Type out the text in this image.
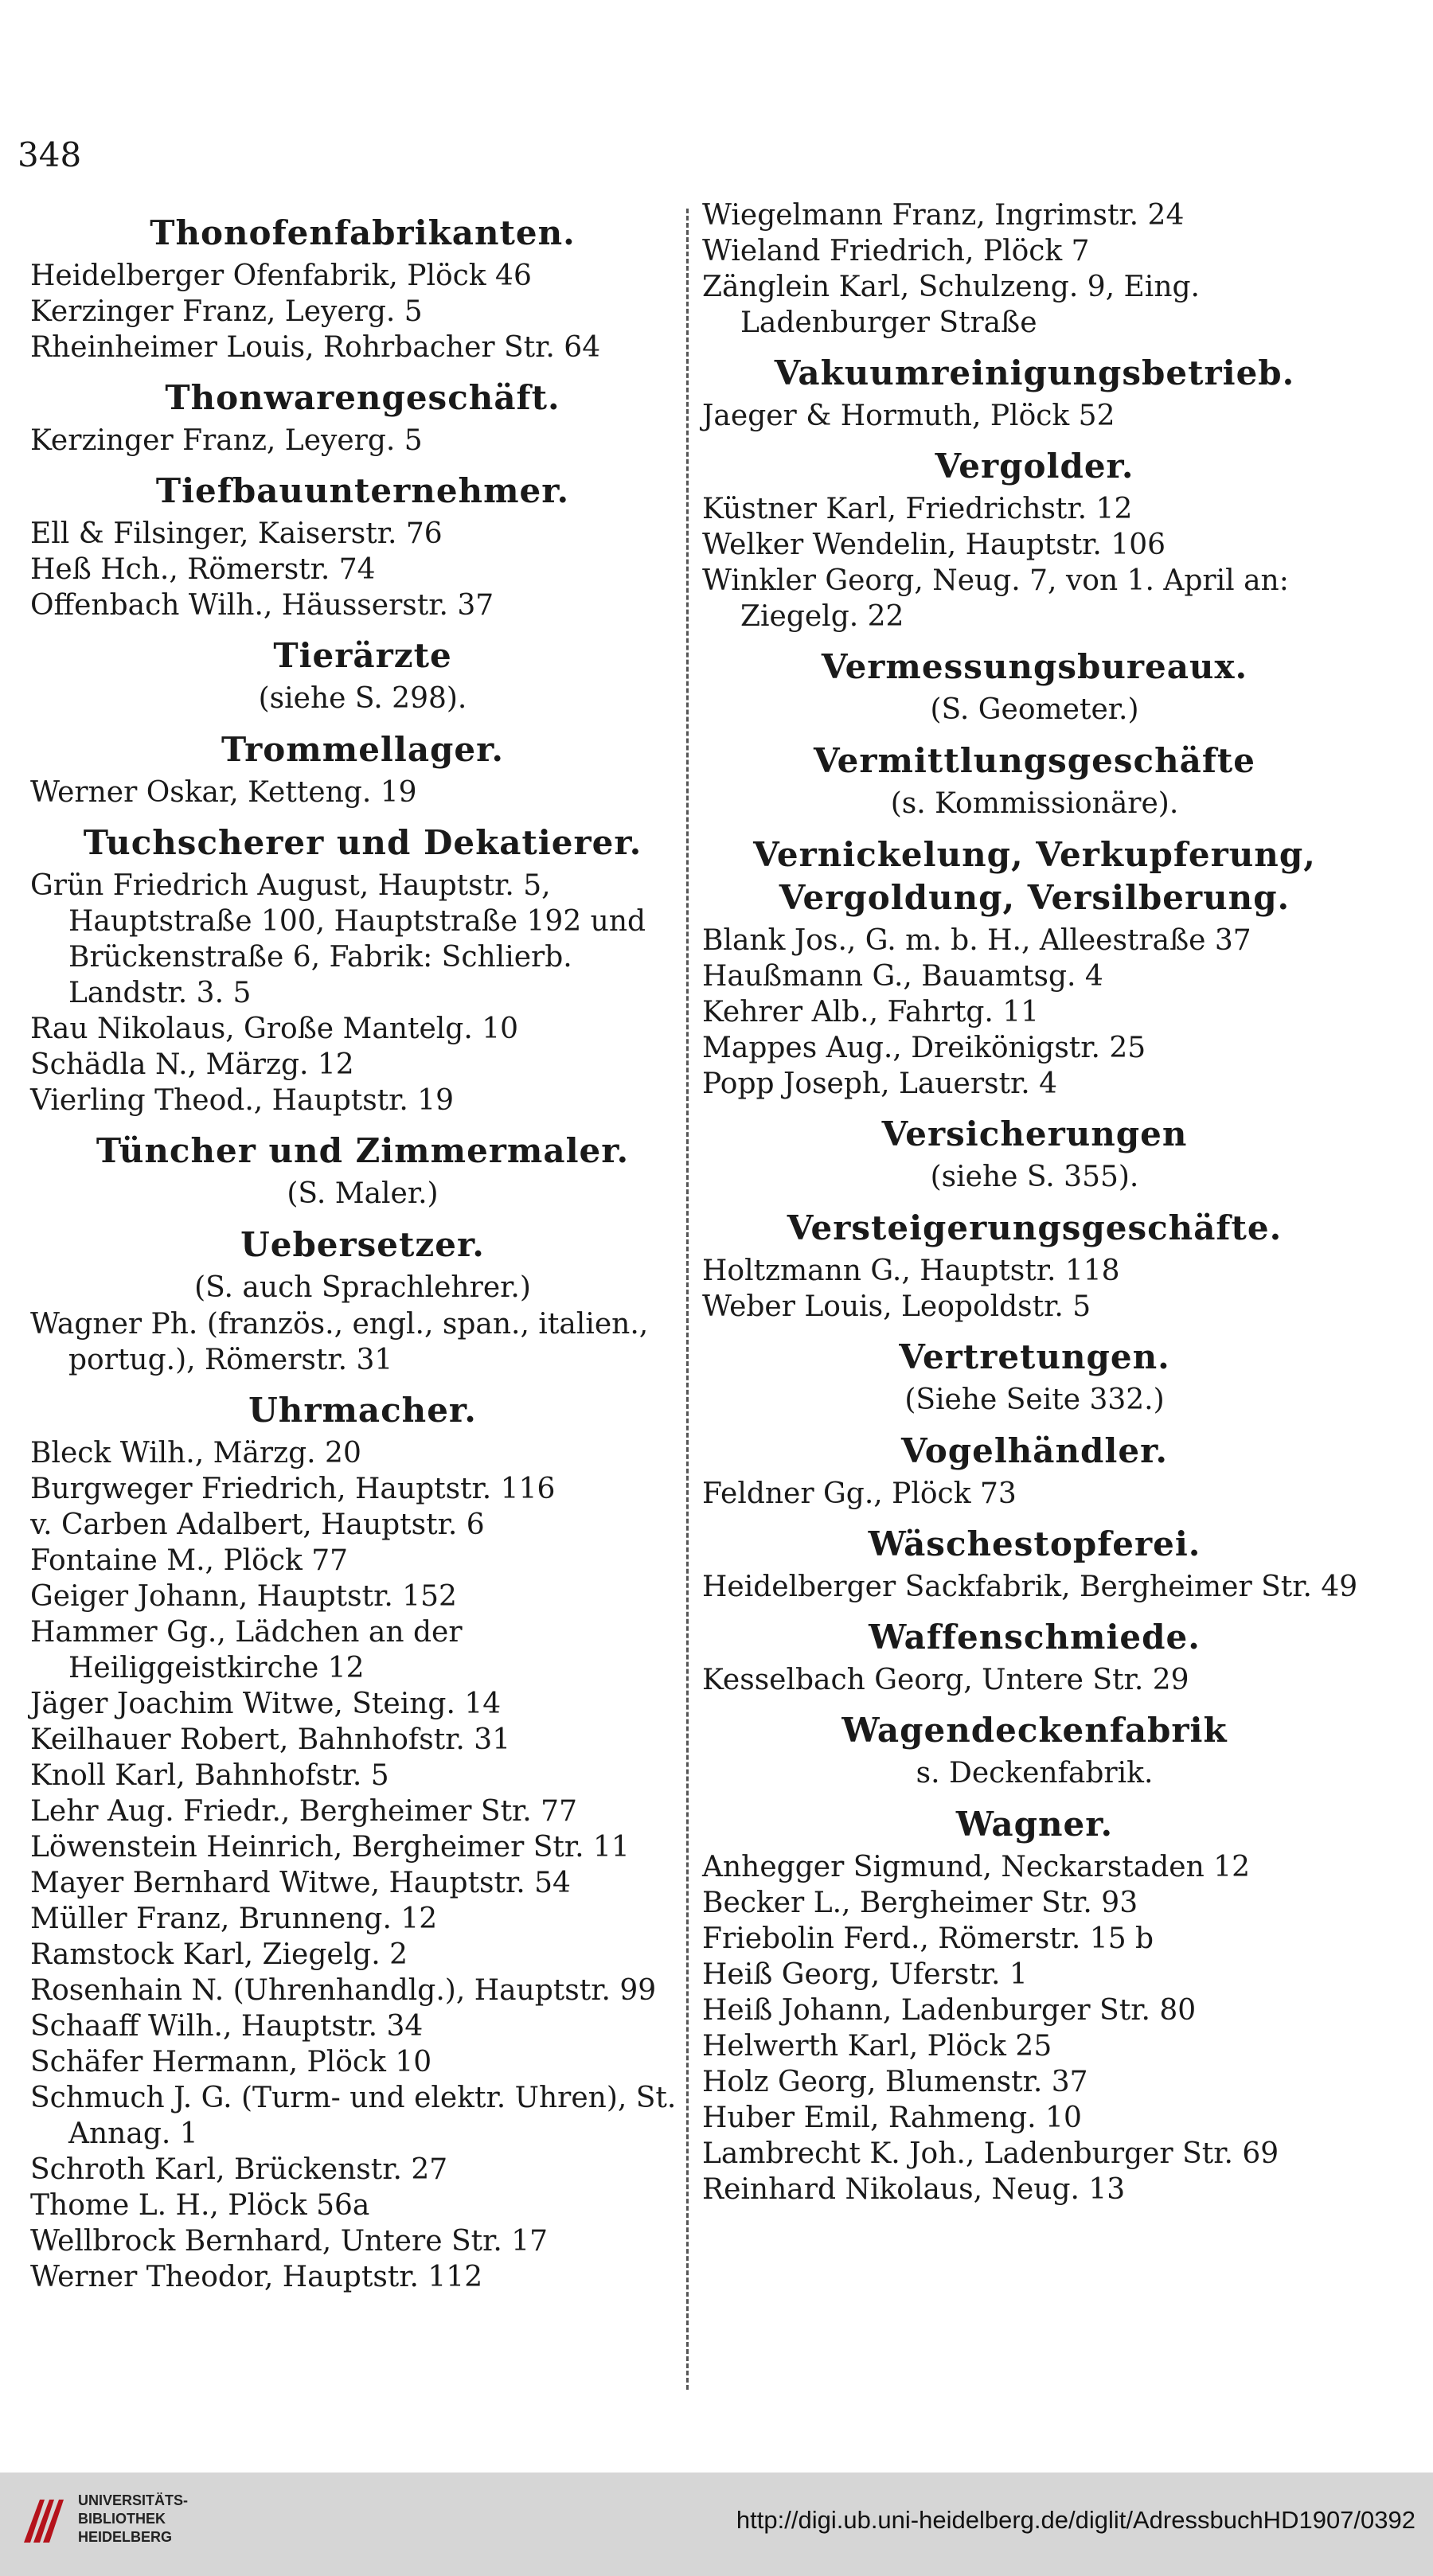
348
Thonofenfabrikanten.
Heidelberger Ofenfabrik, Plöck 46
Kerzinger Franz, Leyerg. 5
Rheinheimer Louis, Rohrbacher Str. 64
Thonwarengeschäft.
Kerzinger Franz, Leyerg. 5
Tiefbauunternehmer.
Ell & Filsinger, Kaiserstr. 76
Heß Hch., Römerstr. 74
Offenbach Wilh., Häusserstr. 37
Tierärzte
(siehe S. 298).
Trommellager.
Werner Oskar, Ketteng. 19
Tuchscherer und Dekatierer.
Grün Friedrich August, Hauptstr. 5, Hauptstraße 100, Hauptstraße 192 und Brückenstraße 6, Fabrik: Schlierb. Landstr. 3. 5
Rau Nikolaus, Große Mantelg. 10
Schädla N., Märzg. 12
Vierling Theod., Hauptstr. 19
Tüncher und Zimmermaler.
(S. Maler.)
Uebersetzer.
(S. auch Sprachlehrer.)
Wagner Ph. (französ., engl., span., italien., portug.), Römerstr. 31
Uhrmacher.
Bleck Wilh., Märzg. 20
Burgweger Friedrich, Hauptstr. 116
v. Carben Adalbert, Hauptstr. 6
Fontaine M., Plöck 77
Geiger Johann, Hauptstr. 152
Hammer Gg., Lädchen an der Heiliggeistkirche 12
Jäger Joachim Witwe, Steing. 14
Keilhauer Robert, Bahnhofstr. 31
Knoll Karl, Bahnhofstr. 5
Lehr Aug. Friedr., Bergheimer Str. 77
Löwenstein Heinrich, Bergheimer Str. 11
Mayer Bernhard Witwe, Hauptstr. 54
Müller Franz, Brunneng. 12
Ramstock Karl, Ziegelg. 2
Rosenhain N. (Uhrenhandlg.), Hauptstr. 99
Schaaff Wilh., Hauptstr. 34
Schäfer Hermann, Plöck 10
Schmuch J. G. (Turm- und elektr. Uhren), St. Annag. 1
Schroth Karl, Brückenstr. 27
Thome L. H., Plöck 56a
Wellbrock Bernhard, Untere Str. 17
Werner Theodor, Hauptstr. 112
Wiegelmann Franz, Ingrimstr. 24
Wieland Friedrich, Plöck 7
Zänglein Karl, Schulzeng. 9, Eing. Ladenburger Straße
Vakuumreinigungsbetrieb.
Jaeger & Hormuth, Plöck 52
Vergolder.
Küstner Karl, Friedrichstr. 12
Welker Wendelin, Hauptstr. 106
Winkler Georg, Neug. 7, von 1. April an: Ziegelg. 22
Vermessungsbureaux.
(S. Geometer.)
Vermittlungsgeschäfte
(s. Kommissionäre).
Vernickelung, Verkupferung, Vergoldung, Versilberung.
Blank Jos., G. m. b. H., Alleestraße 37
Haußmann G., Bauamtsg. 4
Kehrer Alb., Fahrtg. 11
Mappes Aug., Dreikönigstr. 25
Popp Joseph, Lauerstr. 4
Versicherungen
(siehe S. 355).
Versteigerungsgeschäfte.
Holtzmann G., Hauptstr. 118
Weber Louis, Leopoldstr. 5
Vertretungen.
(Siehe Seite 332.)
Vogelhändler.
Feldner Gg., Plöck 73
Wäschestopferei.
Heidelberger Sackfabrik, Bergheimer Str. 49
Waffenschmiede.
Kesselbach Georg, Untere Str. 29
Wagendeckenfabrik
s. Deckenfabrik.
Wagner.
Anhegger Sigmund, Neckarstaden 12
Becker L., Bergheimer Str. 93
Friebolin Ferd., Römerstr. 15 b
Heiß Georg, Uferstr. 1
Heiß Johann, Ladenburger Str. 80
Helwerth Karl, Plöck 25
Holz Georg, Blumenstr. 37
Huber Emil, Rahmeng. 10
Lambrecht K. Joh., Ladenburger Str. 69
Reinhard Nikolaus, Neug. 13
UNIVERSITÄTS-
BIBLIOTHEK
HEIDELBERG
http://digi.ub.uni-heidelberg.de/diglit/AdressbuchHD1907/0392
